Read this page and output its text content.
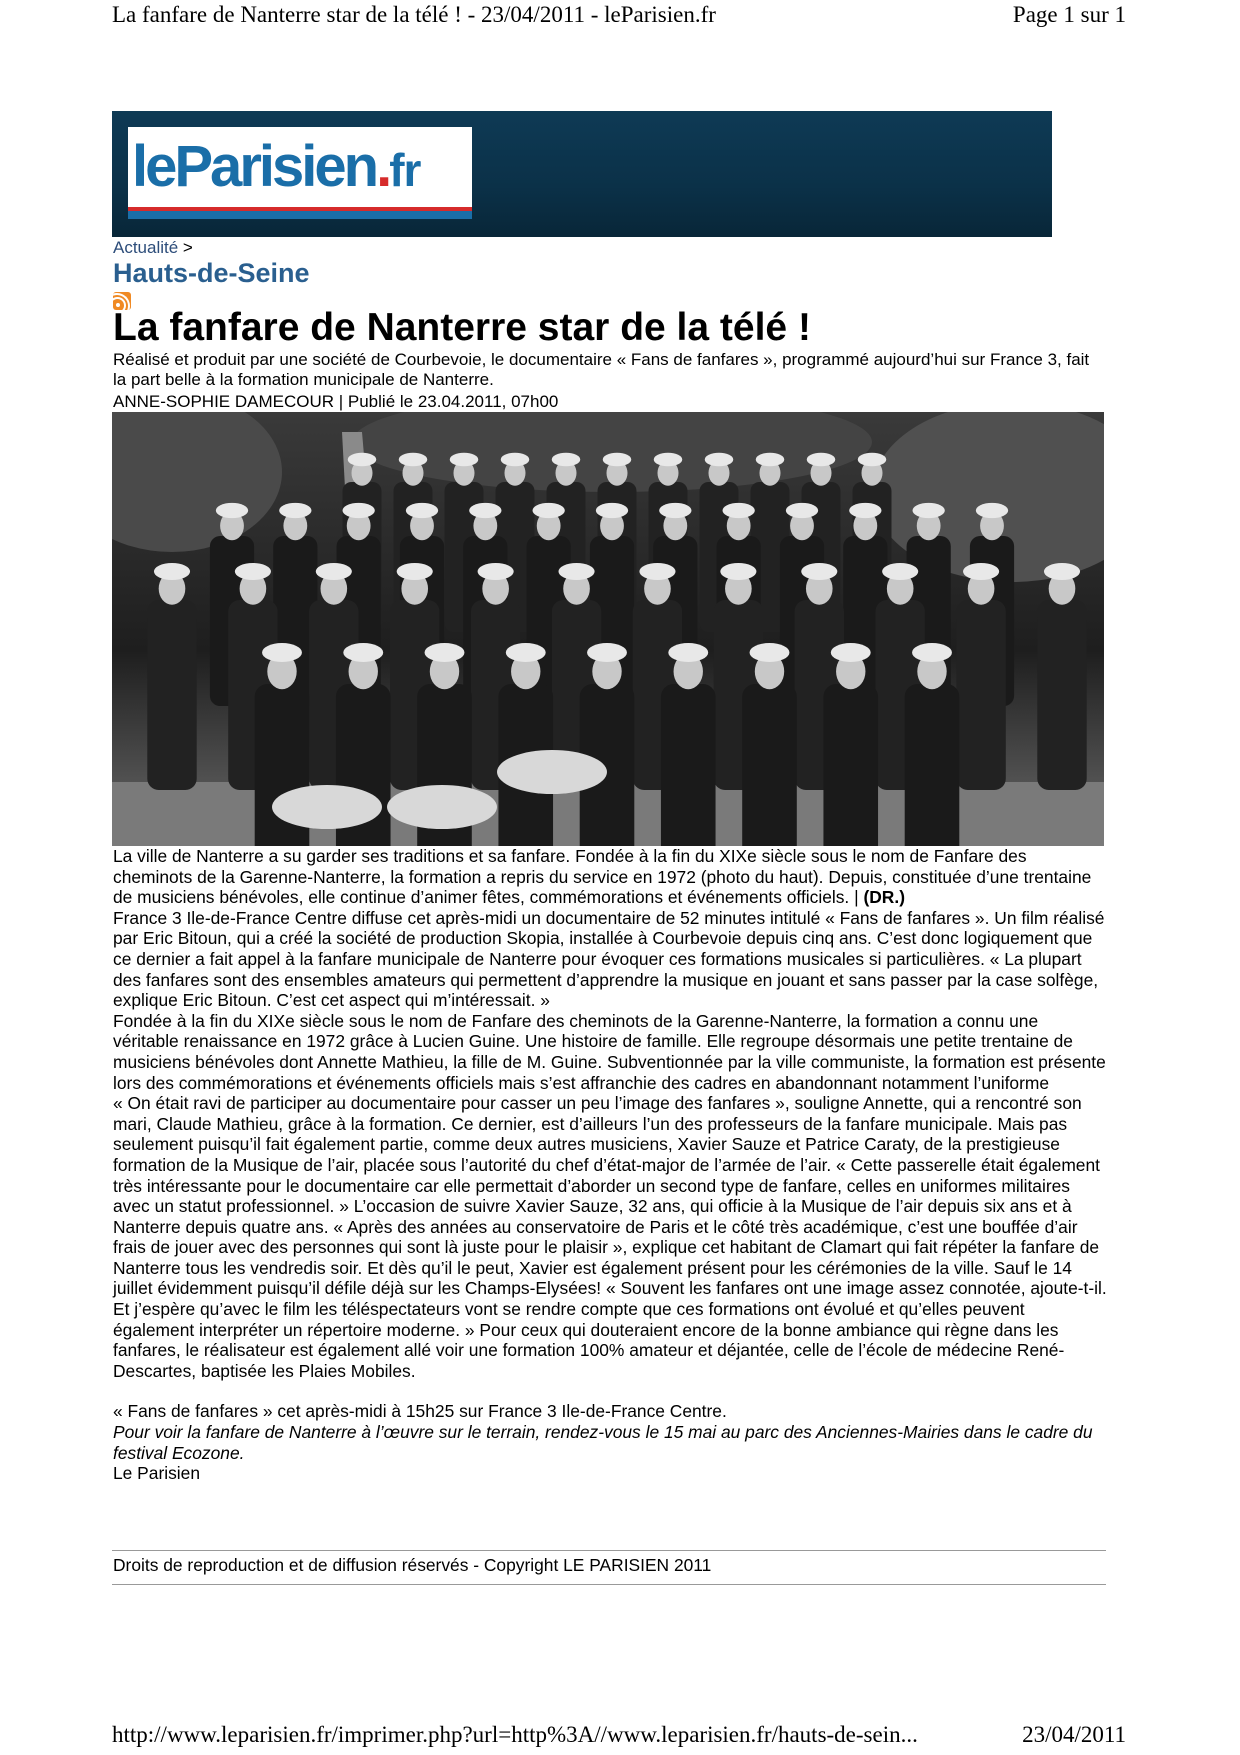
La fanfare de Nanterre star de la télé ! - 23/04/2011 - leParisien.fr	Page 1 sur 1
leParisien.fr
Actualité >
Hauts-de-Seine
La fanfare de Nanterre star de la télé !
Réalisé et produit par une société de Courbevoie, le documentaire « Fans de fanfares », programmé aujourd’hui sur France 3, fait la part belle à la formation municipale de Nanterre.
ANNE-SOPHIE DAMECOUR | Publié le 23.04.2011, 07h00

La ville de Nanterre a su garder ses traditions et sa fanfare. Fondée à la fin du XIXe siècle sous le nom de Fanfare des cheminots de la Garenne-Nanterre, la formation a repris du service en 1972 (photo du haut). Depuis, constituée d’une trentaine de musiciens bénévoles, elle continue d’animer fêtes, commémorations et événements officiels. | (DR.)

France 3 Ile-de-France Centre diffuse cet après-midi un documentaire de 52 minutes intitulé « Fans de fanfares ». Un film réalisé par Eric Bitoun, qui a créé la société de production Skopia, installée à Courbevoie depuis cinq ans. C’est donc logiquement que ce dernier a fait appel à la fanfare municipale de Nanterre pour évoquer ces formations musicales si particulières. « La plupart des fanfares sont des ensembles amateurs qui permettent d’apprendre la musique en jouant et sans passer par la case solfège, explique Eric Bitoun. C’est cet aspect qui m’intéressait. »

Fondée à la fin du XIXe siècle sous le nom de Fanfare des cheminots de la Garenne-Nanterre, la formation a connu une véritable renaissance en 1972 grâce à Lucien Guine. Une histoire de famille. Elle regroupe désormais une petite trentaine de musiciens bénévoles dont Annette Mathieu, la fille de M. Guine. Subventionnée par la ville communiste, la formation est présente lors des commémorations et événements officiels mais s’est affranchie des cadres en abandonnant notamment l’uniforme

« On était ravi de participer au documentaire pour casser un peu l’image des fanfares », souligne Annette, qui a rencontré son mari, Claude Mathieu, grâce à la formation. Ce dernier, est d’ailleurs l’un des professeurs de la fanfare municipale. Mais pas seulement puisqu’il fait également partie, comme deux autres musiciens, Xavier Sauze et Patrice Caraty, de la prestigieuse formation de la Musique de l’air, placée sous l’autorité du chef d’état-major de l’armée de l’air. « Cette passerelle était également très intéressante pour le documentaire car elle permettait d’aborder un second type de fanfare, celles en uniformes militaires avec un statut professionnel. » L’occasion de suivre Xavier Sauze, 32 ans, qui officie à la Musique de l’air depuis six ans et à Nanterre depuis quatre ans. « Après des années au conservatoire de Paris et le côté très académique, c’est une bouffée d’air frais de jouer avec des personnes qui sont là juste pour le plaisir », explique cet habitant de Clamart qui fait répéter la fanfare de Nanterre tous les vendredis soir. Et dès qu’il le peut, Xavier est également présent pour les cérémonies de la ville. Sauf le 14 juillet évidemment puisqu’il défile déjà sur les Champs-Elysées! « Souvent les fanfares ont une image assez connotée, ajoute-t-il. Et j’espère qu’avec le film les téléspectateurs vont se rendre compte que ces formations ont évolué et qu’elles peuvent également interpréter un répertoire moderne. » Pour ceux qui douteraient encore de la bonne ambiance qui règne dans les fanfares, le réalisateur est également allé voir une formation 100% amateur et déjantée, celle de l’école de médecine René-Descartes, baptisée les Plaies Mobiles.

« Fans de fanfares » cet après-midi à 15h25 sur France 3 Ile-de-France Centre.

Pour voir la fanfare de Nanterre à l’œuvre sur le terrain, rendez-vous le 15 mai au parc des Anciennes-Mairies dans le cadre du festival Ecozone.

Le Parisien

Droits de reproduction et de diffusion réservés - Copyright LE PARISIEN 2011
http://www.leparisien.fr/imprimer.php?url=http%3A//www.leparisien.fr/hauts-de-sein...	23/04/2011
